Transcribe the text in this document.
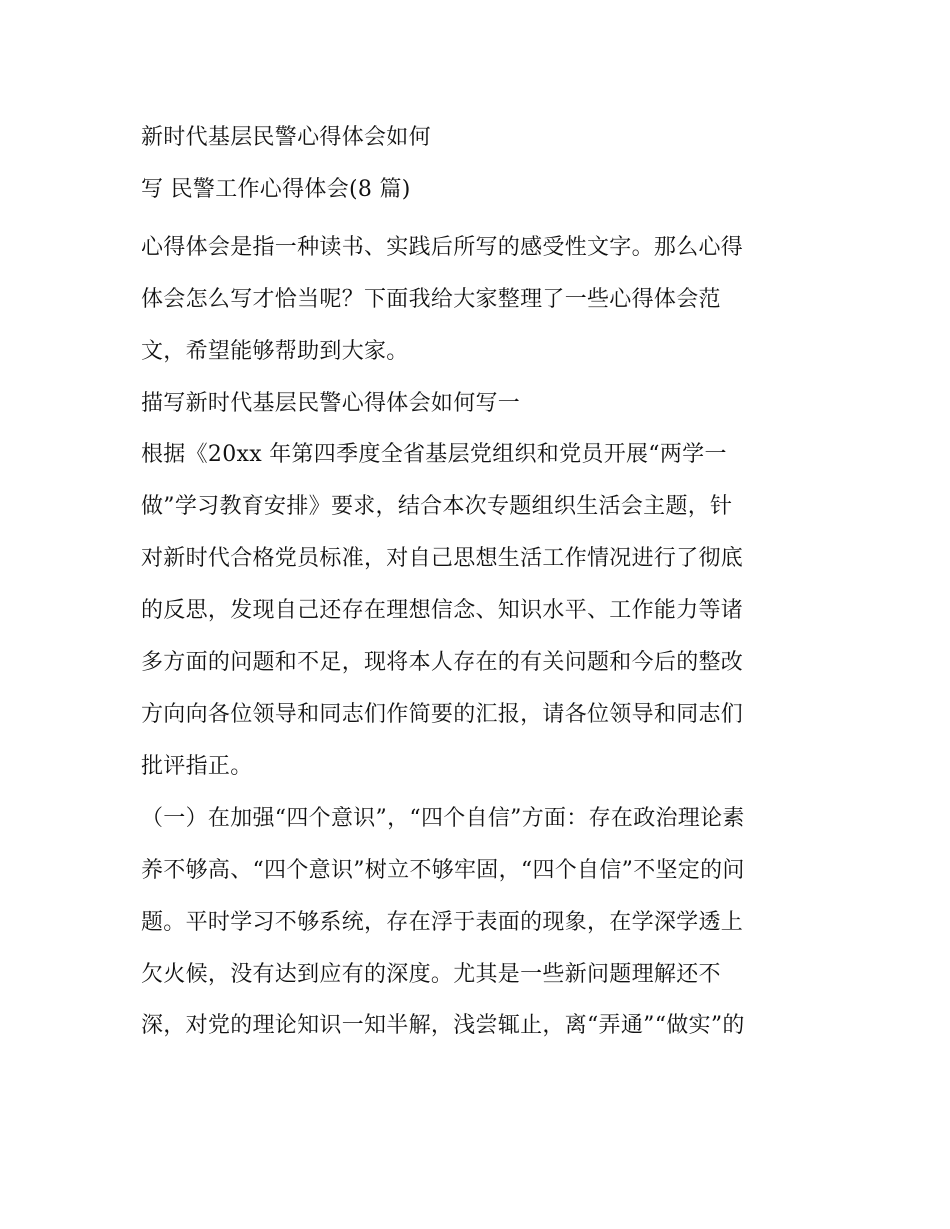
新时代基层民警心得体会如何
写 民警工作心得体会(8 篇)
心得体会是指一种读书、实践后所写的感受性文字。那么心得
体会怎么写才恰当呢？下面我给大家整理了一些心得体会范
文，希望能够帮助到大家。
描写新时代基层民警心得体会如何写一
根据《20xx 年第四季度全省基层党组织和党员开展“两学一
做”学习教育安排》要求，结合本次专题组织生活会主题，针
对新时代合格党员标准，对自己思想生活工作情况进行了彻底
的反思，发现自己还存在理想信念、知识水平、工作能力等诸
多方面的问题和不足，现将本人存在的有关问题和今后的整改
方向向各位领导和同志们作简要的汇报，请各位领导和同志们
批评指正。
（一）在加强“四个意识”，“四个自信”方面：存在政治理论素
养不够高、“四个意识”树立不够牢固，“四个自信”不坚定的问
题。平时学习不够系统，存在浮于表面的现象，在学深学透上
欠火候，没有达到应有的深度。尤其是一些新问题理解还不
深，对党的理论知识一知半解，浅尝辄止，离“弄通”“做实”的
